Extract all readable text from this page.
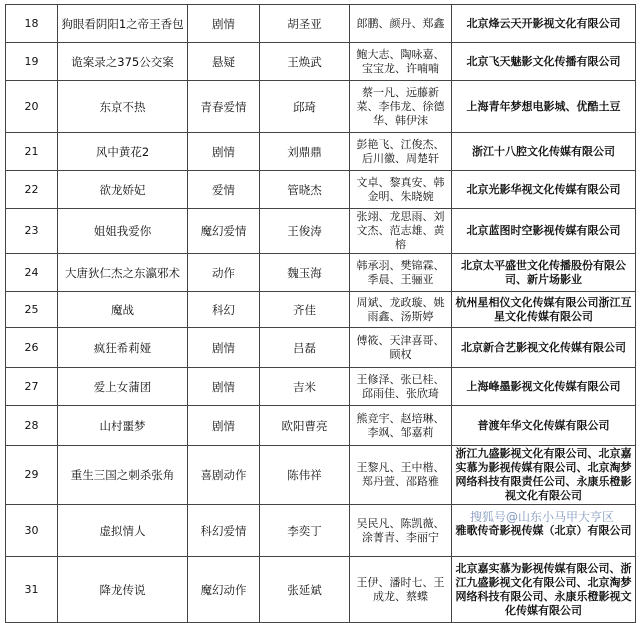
18	狗眼看阴阳1之帝王香包	剧情	胡圣亚	郎鹏、颜丹、郑鑫	北京烽云天开影视文化有限公司
19	诡案录之375公交案	悬疑	王焕武	鲍大志、陶咏嘉、宝宝龙、许喃喃	北京飞天魅影文化传播有限公司
20	东京不热	青春爱情	邱琦	蔡一凡、远藤新菜、李伟龙、徐德华、韩伊沫	上海青年梦想电影城、优酷土豆
21	风中黄花2	剧情	刘鼎鼎	彭艳飞、江俊杰、后川徽、周楚轩	浙江十八腔文化传媒有限公司
22	欲龙娇妃	爱情	管晓杰	文卓、黎真安、韩金明、朱晓婉	北京光影华视文化传媒有限公司
23	姐姐我爱你	魔幻爱情	王俊涛	张翊、龙思雨、刘文杰、范志雄、黄榕	北京蓝图时空影视传媒有限公司
24	大唐狄仁杰之东瀛邪术	动作	魏玉海	韩承羽、樊锦霖、季晨、王骊亚	北京太平盛世文化传播股份有限公司、新片场影业
25	魔战	科幻	齐佳	周斌、龙政璇、姚雨鑫、汤斯婷	杭州星相仪文化传媒有限公司浙江互星文化传媒有限公司
26	疯狂希莉娅	剧情	吕磊	傅筱、天津喜哥、顾权	北京新合艺影视文化传媒有限公司
27	爱上女蒲团	剧情	吉米	王修泽、张已桂、邱雨佳、张欣琦	上海峰墨影视文化传媒有限公司
28	山村噩梦	剧情	欧阳曹亮	熊竞宇、赵培琳、李飒、邹嘉莉	普渡年华文化传媒有限公司
29	重生三国之刺杀张角	喜剧动作	陈伟祥	王黎凡、王中楷、郑丹萱、邵路雅	浙江九盛影视文化有限公司、北京嘉实慕为影视传媒有限公司、北京淘梦网络科技有限责任公司、永康乐橙影视文化有限公司
30	虚拟情人	科幻爱情	李奕丁	吴民凡、陈凯薇、涂菁青、李丽宁	雅歌传奇影视传媒（北京）有限公司
31	降龙传说	魔幻动作	张延斌	王伊、潘时七、王成龙、蔡蝶	北京嘉实慕为影视传媒有限公司、浙江九盛影视文化有限公司、北京淘梦网络科技有限公司、永康乐橙影视文化传媒有限公司
搜狐号@山东小马甲大亨区
